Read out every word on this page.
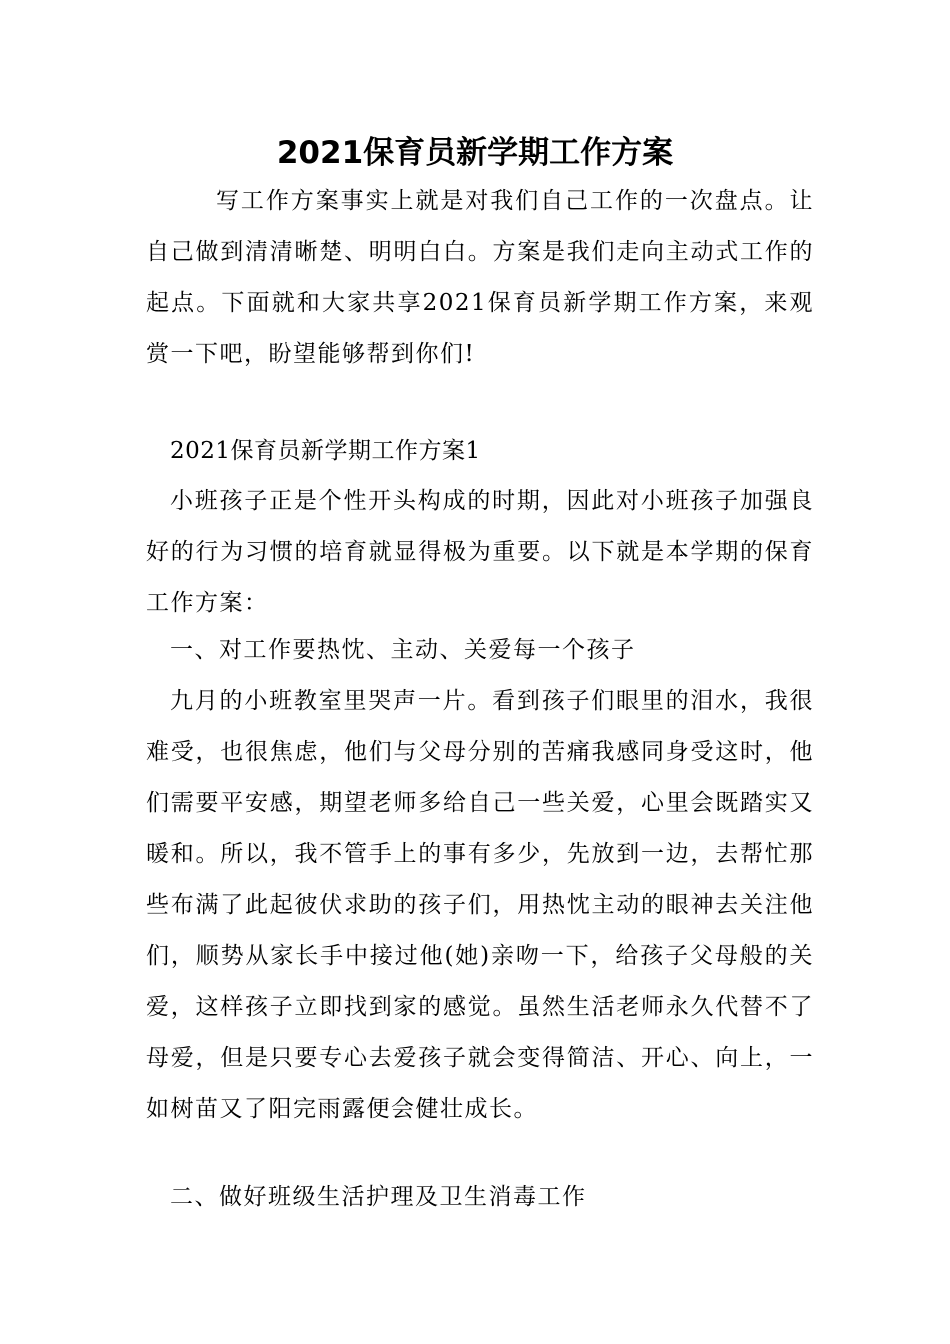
2021保育员新学期工作方案

写工作方案事实上就是对我们自己工作的一次盘点。让自己做到清清晰楚、明明白白。方案是我们走向主动式工作的起点。下面就和大家共享2021保育员新学期工作方案，来观赏一下吧，盼望能够帮到你们!

2021保育员新学期工作方案1

小班孩子正是个性开头构成的时期，因此对小班孩子加强良好的行为习惯的培育就显得极为重要。以下就是本学期的保育工作方案：

一、对工作要热忱、主动、关爱每一个孩子

九月的小班教室里哭声一片。看到孩子们眼里的泪水，我很难受，也很焦虑，他们与父母分别的苦痛我感同身受这时，他们需要平安感，期望老师多给自己一些关爱，心里会既踏实又暖和。所以，我不管手上的事有多少，先放到一边，去帮忙那些布满了此起彼伏求助的孩子们，用热忱主动的眼神去关注他们，顺势从家长手中接过他(她)亲吻一下，给孩子父母般的关爱，这样孩子立即找到家的感觉。虽然生活老师永久代替不了母爱，但是只要专心去爱孩子就会变得简洁、开心、向上，一如树苗又了阳完雨露便会健壮成长。

二、做好班级生活护理及卫生消毒工作
